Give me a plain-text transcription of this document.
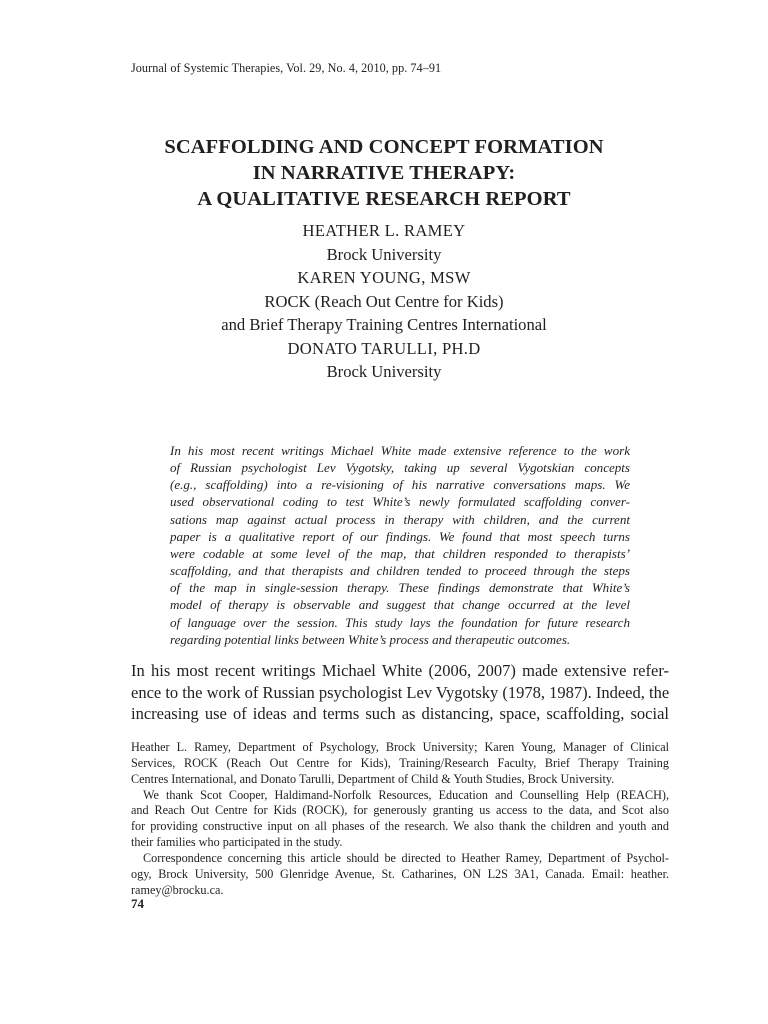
Journal of Systemic Therapies, Vol. 29, No. 4, 2010, pp. 74–91
SCAFFOLDING AND CONCEPT FORMATION
IN NARRATIVE THERAPY:
A QUALITATIVE RESEARCH REPORT
HEATHER L. RAMEY
Brock University
KAREN YOUNG, MSW
ROCK (Reach Out Centre for Kids)
and Brief Therapy Training Centres International
DONATO TARULLI, PH.D
Brock University
In his most recent writings Michael White made extensive reference to the work
of Russian psychologist Lev Vygotsky, taking up several Vygotskian concepts
(e.g., scaffolding) into a re-visioning of his narrative conversations maps. We
used observational coding to test White’s newly formulated scaffolding conver-
sations map against actual process in therapy with children, and the current
paper is a qualitative report of our findings. We found that most speech turns
were codable at some level of the map, that children responded to therapists’
scaffolding, and that therapists and children tended to proceed through the steps
of the map in single-session therapy. These findings demonstrate that White’s
model of therapy is observable and suggest that change occurred at the level
of language over the session. This study lays the foundation for future research
regarding potential links between White’s process and therapeutic outcomes.
In his most recent writings Michael White (2006, 2007) made extensive refer-
ence to the work of Russian psychologist Lev Vygotsky (1978, 1987). Indeed, the
increasing use of ideas and terms such as distancing, space, scaffolding, social
Heather L. Ramey, Department of Psychology, Brock University; Karen Young, Manager of Clinical
Services, ROCK (Reach Out Centre for Kids), Training/Research Faculty, Brief Therapy Training
Centres International, and Donato Tarulli, Department of Child & Youth Studies, Brock University.
We thank Scot Cooper, Haldimand-Norfolk Resources, Education and Counselling Help (REACH),
and Reach Out Centre for Kids (ROCK), for generously granting us access to the data, and Scot also
for providing constructive input on all phases of the research. We also thank the children and youth and
their families who participated in the study.
Correspondence concerning this article should be directed to Heather Ramey, Department of Psychol-
ogy, Brock University, 500 Glenridge Avenue, St. Catharines, ON L2S 3A1, Canada. Email: heather.
ramey@brocku.ca.
74
